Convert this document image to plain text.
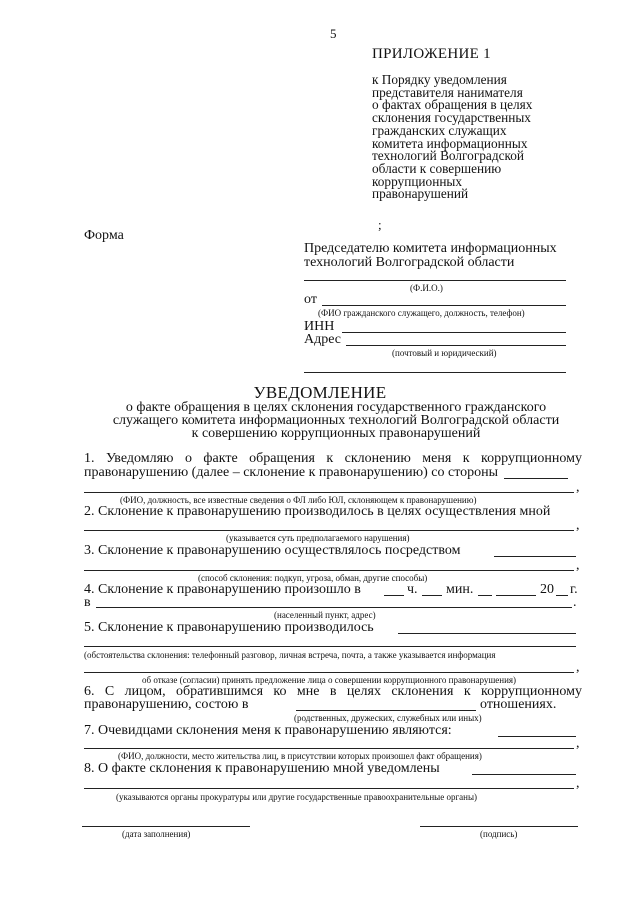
5
ПРИЛОЖЕНИЕ 1
к Порядку уведомления
представителя нанимателя
о фактах обращения в целях
склонения государственных
гражданских служащих
комитета информационных
технологий Волгоградской
области к совершению
коррупционных
правонарушений
Форма
;
Председателю комитета информационных
технологий Волгоградской области
(Ф.И.О.)
от
(ФИО гражданского служащего, должность, телефон)
ИНН
Адрес
(почтовый и юридический)
УВЕДОМЛЕНИЕ
о факте обращения в целях склонения государственного гражданского
служащего комитета информационных технологий Волгоградской области
к совершению коррупционных правонарушений
1. Уведомляю о факте обращения к склонению меня к коррупционному
правонарушению (далее – склонение к правонарушению) со стороны
,
(ФИО, должность, все известные сведения о ФЛ либо ЮЛ, склоняющем к правонарушению)
2. Склонение к правонарушению производилось в целях осуществления мной
,
(указывается суть предполагаемого нарушения)
3. Склонение к правонарушению осуществлялось посредством
,
(способ склонения: подкуп, угроза, обман, другие способы)
4. Склонение к правонарушению произошло в	ч. мин.	20 г.
в	.
(населенный пункт, адрес)
5. Склонение к правонарушению производилось
(обстоятельства склонения: телефонный разговор, личная встреча, почта, а также указывается информация
,
об отказе (согласии) принять предложение лица о совершении коррупционного правонарушения)
6. С лицом, обратившимся ко мне в целях склонения к коррупционному
правонарушению, состою в	отношениях.
(родственных, дружеских, служебных или иных)
7. Очевидцами склонения меня к правонарушению являются:
,
(ФИО, должности, место жительства лиц, в присутствии которых произошел факт обращения)
8. О факте склонения к правонарушению мной уведомлены
,
(указываются органы прокуратуры или другие государственные правоохранительные органы)
(дата заполнения)	(подпись)
